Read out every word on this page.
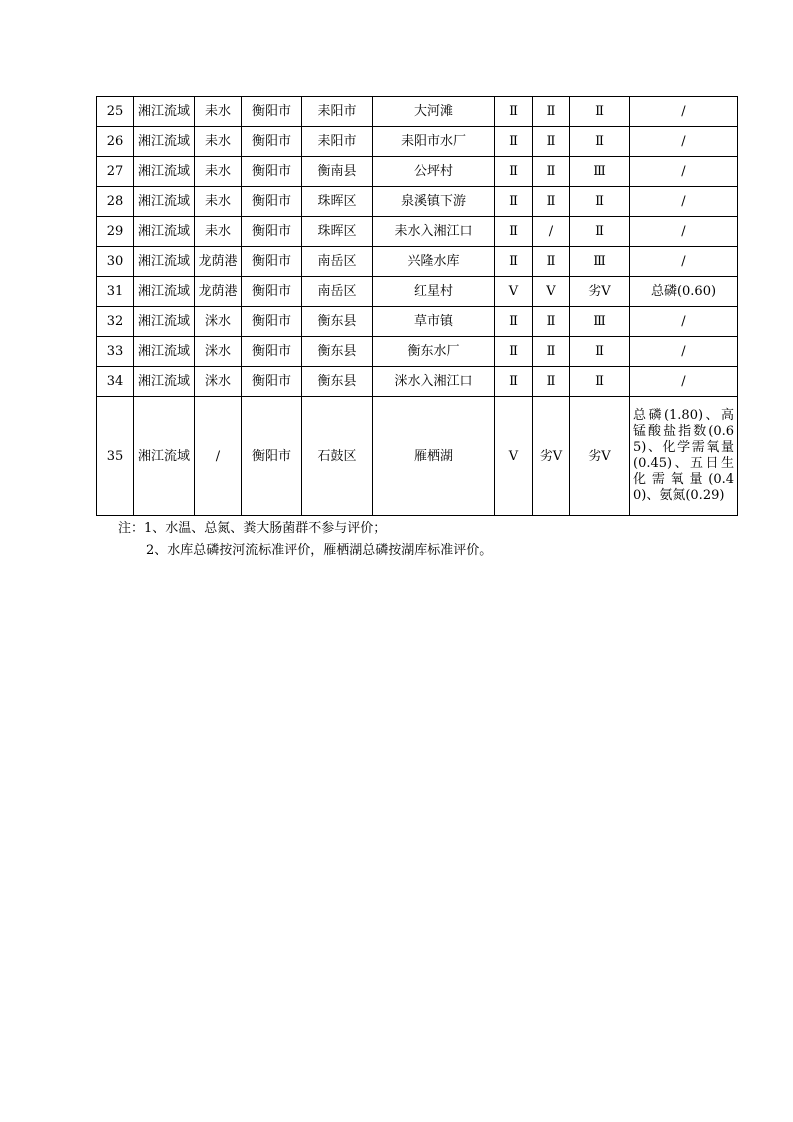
25	湘江流域	耒水	衡阳市	耒阳市	大河滩	Ⅱ	Ⅱ	Ⅱ	/
26	湘江流域	耒水	衡阳市	耒阳市	耒阳市水厂	Ⅱ	Ⅱ	Ⅱ	/
27	湘江流域	耒水	衡阳市	衡南县	公坪村	Ⅱ	Ⅱ	Ⅲ	/
28	湘江流域	耒水	衡阳市	珠晖区	泉溪镇下游	Ⅱ	Ⅱ	Ⅱ	/
29	湘江流域	耒水	衡阳市	珠晖区	耒水入湘江口	Ⅱ	/	Ⅱ	/
30	湘江流域	龙荫港	衡阳市	南岳区	兴隆水库	Ⅱ	Ⅱ	Ⅲ	/
31	湘江流域	龙荫港	衡阳市	南岳区	红星村	Ⅴ	Ⅴ	劣Ⅴ	总磷(0.60)
32	湘江流域	洣水	衡阳市	衡东县	草市镇	Ⅱ	Ⅱ	Ⅲ	/
33	湘江流域	洣水	衡阳市	衡东县	衡东水厂	Ⅱ	Ⅱ	Ⅱ	/
34	湘江流域	洣水	衡阳市	衡东县	洣水入湘江口	Ⅱ	Ⅱ	Ⅱ	/
35	湘江流域	/	衡阳市	石鼓区	雁栖湖	Ⅴ	劣Ⅴ	劣Ⅴ	总磷(1.80)、高锰酸盐指数(0.65)、化学需氧量(0.45)、五日生化需氧量(0.40)、氨氮(0.29)
注：1、水温、总氮、粪大肠菌群不参与评价；
2、水库总磷按河流标准评价，雁栖湖总磷按湖库标准评价。
